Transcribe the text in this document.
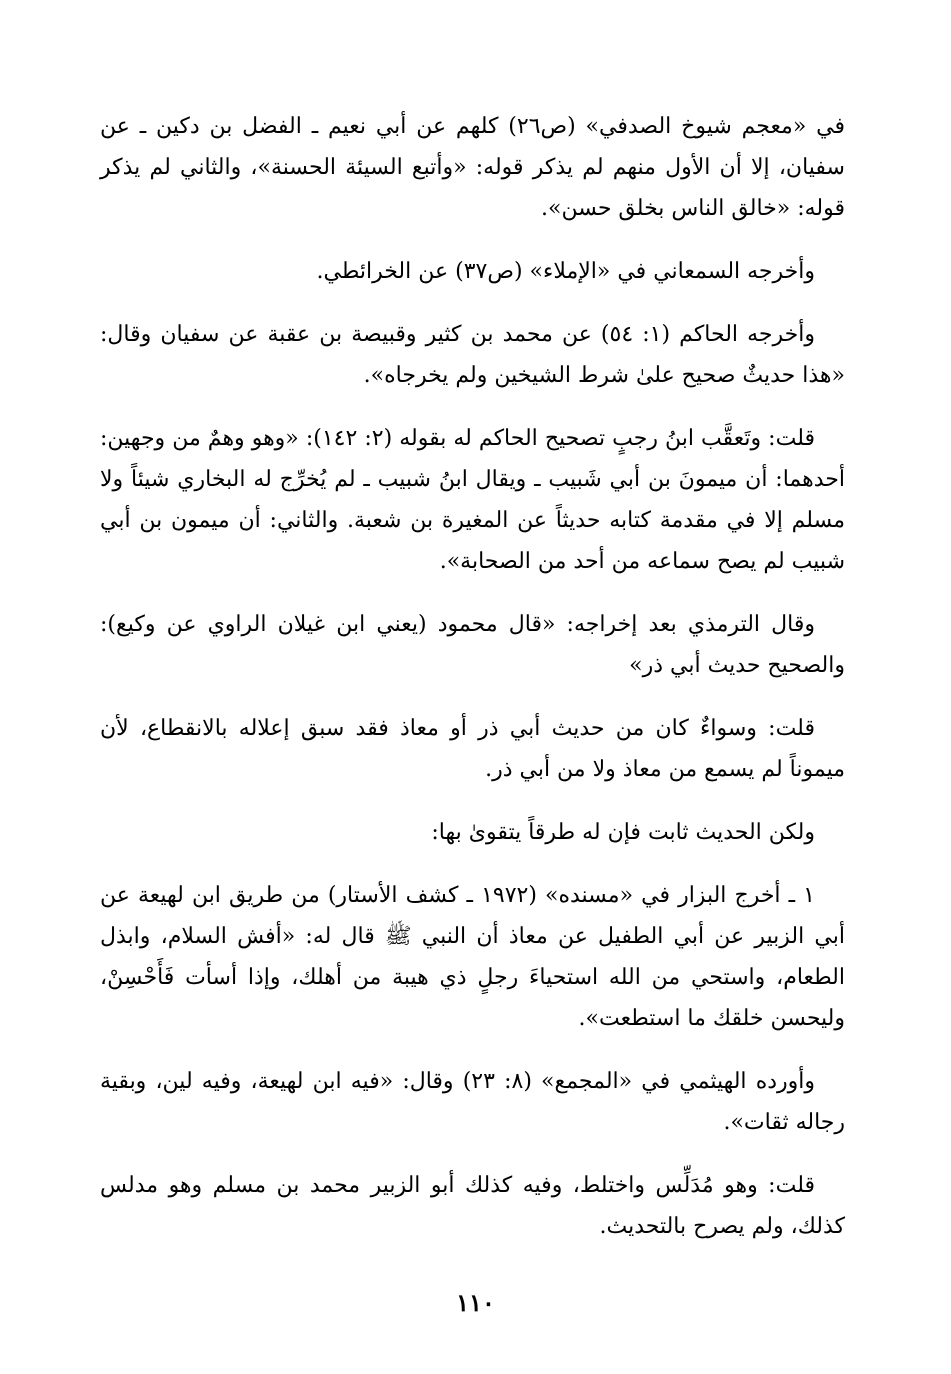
في «معجم شيوخ الصدفي» (ص٢٦) كلهم عن أبي نعيم ـ الفضل بن دكين ـ عن سفيان، إلا أن الأول منهم لم يذكر قوله: «وأتبع السيئة الحسنة»، والثاني لم يذكر قوله: «خالق الناس بخلق حسن».

وأخرجه السمعاني في «الإملاء» (ص٣٧) عن الخرائطي.

وأخرجه الحاكم (١: ٥٤) عن محمد بن كثير وقبيصة بن عقبة عن سفيان وقال: «هذا حديثٌ صحيح علىٰ شرط الشيخين ولم يخرجاه».

قلت: وتَعقَّب ابنُ رجبٍ تصحيح الحاكم له بقوله (٢: ١٤٢): «وهو وهمٌ من وجهين: أحدهما: أن ميمونَ بن أبي شَبيب ـ ويقال ابنُ شبيب ـ لم يُخرِّج له البخاري شيئاً ولا مسلم إلا في مقدمة كتابه حديثاً عن المغيرة بن شعبة. والثاني: أن ميمون بن أبي شبيب لم يصح سماعه من أحد من الصحابة».

وقال الترمذي بعد إخراجه: «قال محمود (يعني ابن غيلان الراوي عن وكيع): والصحيح حديث أبي ذر»

قلت: وسواءٌ كان من حديث أبي ذر أو معاذ فقد سبق إعلاله بالانقطاع، لأن ميموناً لم يسمع من معاذ ولا من أبي ذر.

ولكن الحديث ثابت فإن له طرقاً يتقوىٰ بها:

١ ـ أخرج البزار في «مسنده» (١٩٧٢ ـ كشف الأستار) من طريق ابن لهيعة عن أبي الزبير عن أبي الطفيل عن معاذ أن النبي ﷺ قال له: «أفش السلام، وابذل الطعام، واستحي من الله استحياءَ رجلٍ ذي هيبة من أهلك، وإذا أسأت فَأَحْسِنْ، وليحسن خلقك ما استطعت».

وأورده الهيثمي في «المجمع» (٨: ٢٣) وقال: «فيه ابن لهيعة، وفيه لين، وبقية رجاله ثقات».

قلت: وهو مُدَلِّس واختلط، وفيه كذلك أبو الزبير محمد بن مسلم وهو مدلس كذلك، ولم يصرح بالتحديث.

١١٠
